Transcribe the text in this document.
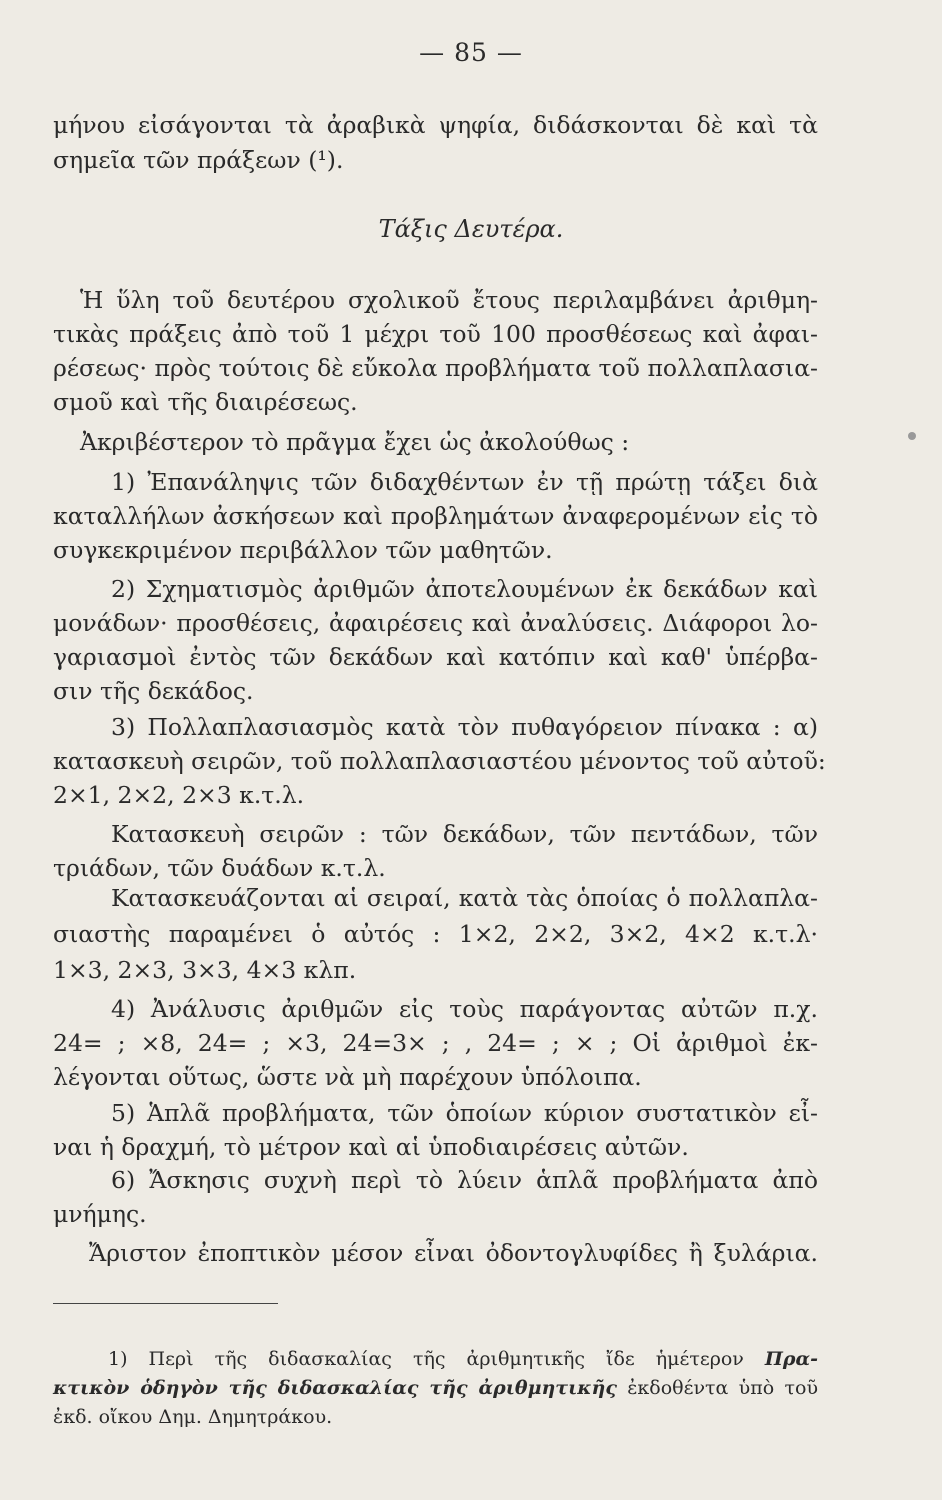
— 85 —
μήνου εἰσάγονται τὰ ἀραβικὰ ψηφία, διδάσκονται δὲ καὶ τὰ
σημεῖα τῶν πράξεων (¹).
Τάξις Δευτέρα.
Ἡ ὕλη τοῦ δευτέρου σχολικοῦ ἔτους περιλαμβάνει ἀριθμη-
τικὰς πράξεις ἀπὸ τοῦ 1 μέχρι τοῦ 100 προσθέσεως καὶ ἀφαι-
ρέσεως· πρὸς τούτοις δὲ εὔκολα προβλήματα τοῦ πολλαπλασια-
σμοῦ καὶ τῆς διαιρέσεως.
Ἀκριβέστερον τὸ πρᾶγμα ἔχει ὡς ἀκολούθως :
1) Ἐπανάληψις τῶν διδαχθέντων ἐν τῇ πρώτῃ τάξει διὰ
καταλλήλων ἀσκήσεων καὶ προβλημάτων ἀναφερομένων εἰς τὸ
συγκεκριμένον περιβάλλον τῶν μαθητῶν.
2) Σχηματισμὸς ἀριθμῶν ἀποτελουμένων ἐκ δεκάδων καὶ
μονάδων· προσθέσεις, ἀφαιρέσεις καὶ ἀναλύσεις. Διάφοροι λο-
γαριασμοὶ ἐντὸς τῶν δεκάδων καὶ κατόπιν καὶ καθ' ὑπέρβα-
σιν τῆς δεκάδος.
3) Πολλαπλασιασμὸς κατὰ τὸν πυθαγόρειον πίνακα : α)
κατασκευὴ σειρῶν, τοῦ πολλαπλασιαστέου μένοντος τοῦ αὐτοῦ:
2×1, 2×2, 2×3 κ.τ.λ.
Κατασκευὴ σειρῶν : τῶν δεκάδων, τῶν πεντάδων, τῶν
τριάδων, τῶν δυάδων κ.τ.λ.
Κατασκευάζονται αἱ σειραί, κατὰ τὰς ὁποίας ὁ πολλαπλα-
σιαστὴς παραμένει ὁ αὐτός : 1×2, 2×2, 3×2, 4×2 κ.τ.λ·
1×3, 2×3, 3×3, 4×3 κλπ.
4) Ἀνάλυσις ἀριθμῶν εἰς τοὺς παράγοντας αὐτῶν π.χ.
24= ; ×8, 24= ; ×3, 24=3× ; , 24= ; × ; Οἱ ἀριθμοὶ ἐκ-
λέγονται οὕτως, ὥστε νὰ μὴ παρέχουν ὑπόλοιπα.
5) Ἁπλᾶ προβλήματα, τῶν ὁποίων κύριον συστατικὸν εἶ-
ναι ἡ δραχμή, τὸ μέτρον καὶ αἱ ὑποδιαιρέσεις αὐτῶν.
6) Ἄσκησις συχνὴ περὶ τὸ λύειν ἁπλᾶ προβλήματα ἀπὸ
μνήμης.
Ἄριστον ἐποπτικὸν μέσον εἶναι ὀδοντογλυφίδες ἢ ξυλάρια.
1) Περὶ τῆς διδασκαλίας τῆς ἀριθμητικῆς ἴδε ἡμέτερον Πρα-
κτικὸν ὁδηγὸν τῆς διδασκαλίας τῆς ἀριθμητικῆς ἐκδοθέντα ὑπὸ τοῦ
ἐκδ. οἴκου Δημ. Δημητράκου.
